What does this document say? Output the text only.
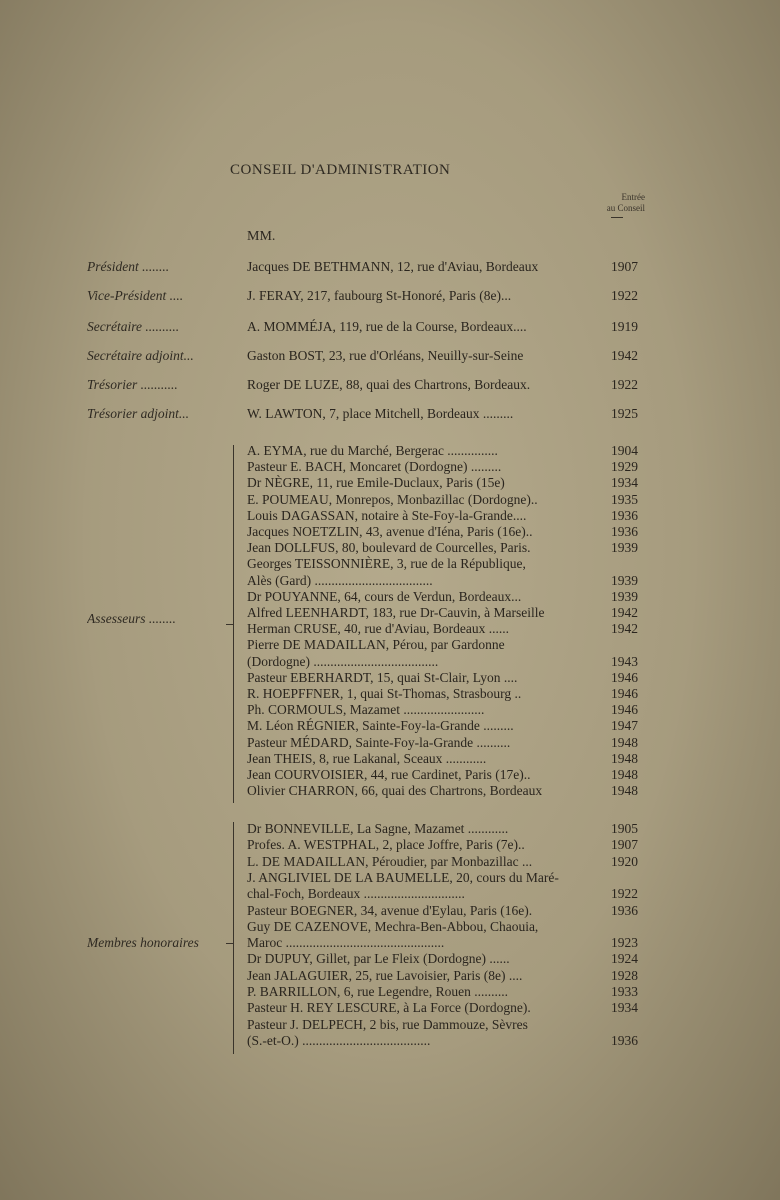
CONSEIL D'ADMINISTRATION
Entrée
au Conseil
MM.
Président ........	Jacques DE BETHMANN, 12, rue d'Aviau, Bordeaux	1907
Vice-Président ....	J. FERAY, 217, faubourg St-Honoré, Paris (8e)...	1922
Secrétaire ..........	A. MOMMÉJA, 119, rue de la Course, Bordeaux....	1919
Secrétaire adjoint...	Gaston BOST, 23, rue d'Orléans, Neuilly-sur-Seine	1942
Trésorier ...........	Roger DE LUZE, 88, quai des Chartrons, Bordeaux.	1922
Trésorier adjoint...	W. LAWTON, 7, place Mitchell, Bordeaux .........	1925
Assesseurs ........
A. EYMA, rue du Marché, Bergerac ...............	1904
Pasteur E. BACH, Moncaret (Dordogne) .........	1929
Dr NÈGRE, 11, rue Emile-Duclaux, Paris (15e)	1934
E. POUMEAU, Monrepos, Monbazillac (Dordogne)..	1935
Louis DAGASSAN, notaire à Ste-Foy-la-Grande....	1936
Jacques NOETZLIN, 43, avenue d'Iéna, Paris (16e)..	1936
Jean DOLLFUS, 80, boulevard de Courcelles, Paris.	1939
Georges TEISSONNIÈRE, 3, rue de la République,
Alès (Gard) ...................................	1939
Dr POUYANNE, 64, cours de Verdun, Bordeaux...	1939
Alfred LEENHARDT, 183, rue Dr-Cauvin, à Marseille	1942
Herman CRUSE, 40, rue d'Aviau, Bordeaux ......	1942
Pierre DE MADAILLAN, Pérou, par Gardonne
(Dordogne) .....................................	1943
Pasteur EBERHARDT, 15, quai St-Clair, Lyon ....	1946
R. HOEPFFNER, 1, quai St-Thomas, Strasbourg ..	1946
Ph. CORMOULS, Mazamet ........................	1946
M. Léon RÉGNIER, Sainte-Foy-la-Grande .........	1947
Pasteur MÉDARD, Sainte-Foy-la-Grande ..........	1948
Jean THEIS, 8, rue Lakanal, Sceaux ............	1948
Jean COURVOISIER, 44, rue Cardinet, Paris (17e)..	1948
Olivier CHARRON, 66, quai des Chartrons, Bordeaux	1948
Membres honoraires
Dr BONNEVILLE, La Sagne, Mazamet ............	1905
Profes. A. WESTPHAL, 2, place Joffre, Paris (7e)..	1907
L. DE MADAILLAN, Péroudier, par Monbazillac ...	1920
J. ANGLIVIEL DE LA BAUMELLE, 20, cours du Maré-
chal-Foch, Bordeaux ..............................	1922
Pasteur BOEGNER, 34, avenue d'Eylau, Paris (16e).	1936
Guy DE CAZENOVE, Mechra-Ben-Abbou, Chaouia,
Maroc ...............................................	1923
Dr DUPUY, Gillet, par Le Fleix (Dordogne) ......	1924
Jean JALAGUIER, 25, rue Lavoisier, Paris (8e) ....	1928
P. BARRILLON, 6, rue Legendre, Rouen ..........	1933
Pasteur H. REY LESCURE, à La Force (Dordogne).	1934
Pasteur J. DELPECH, 2 bis, rue Dammouze, Sèvres
(S.-et-O.) ......................................	1936
